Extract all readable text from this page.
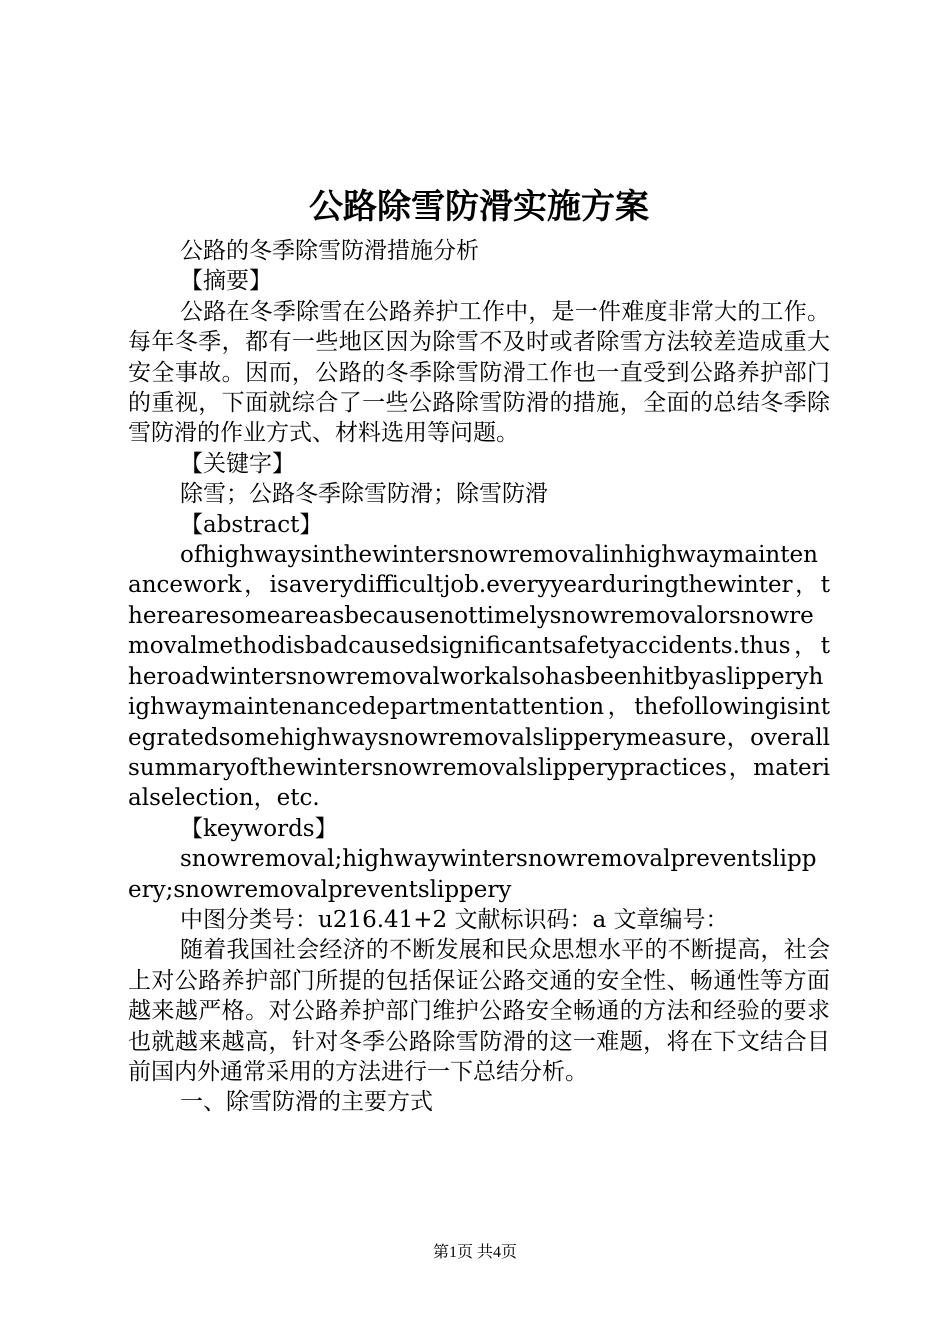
公路除雪防滑实施方案

公路的冬季除雪防滑措施分析

【摘要】

公路在冬季除雪在公路养护工作中，是一件难度非常大的工作。每年冬季，都有一些地区因为除雪不及时或者除雪方法较差造成重大安全事故。因而，公路的冬季除雪防滑工作也一直受到公路养护部门的重视，下面就综合了一些公路除雪防滑的措施，全面的总结冬季除雪防滑的作业方式、材料选用等问题。

【关键字】

除雪；公路冬季除雪防滑；除雪防滑

【abstract】

ofhighwaysinthewintersnowremovalinhighwaymaintenancework，isaverydifficultjob.everyyearduringthewinter，therearesomeareasbecausenottimelysnowremovalorsnowremovalmethodisbadcausedsignificantsafetyaccidents.thus，theroadwintersnowremovalworkalsohasbeenhitbyaslipperyhighwaymaintenancedepartmentattention，thefollowingisintegratedsomehighwaysnowremovalslipperymeasure，overallsummaryofthewintersnowremovalslipperypractices，materialselection，etc.

【keywords】

snowremoval;highwaywintersnowremovalpreventslippery;snowremovalpreventslippery

中图分类号：u216.41+2 文献标识码：a 文章编号：

随着我国社会经济的不断发展和民众思想水平的不断提高，社会上对公路养护部门所提的包括保证公路交通的安全性、畅通性等方面越来越严格。对公路养护部门维护公路安全畅通的方法和经验的要求也就越来越高，针对冬季公路除雪防滑的这一难题，将在下文结合目前国内外通常采用的方法进行一下总结分析。

一、除雪防滑的主要方式

第1页 共4页
